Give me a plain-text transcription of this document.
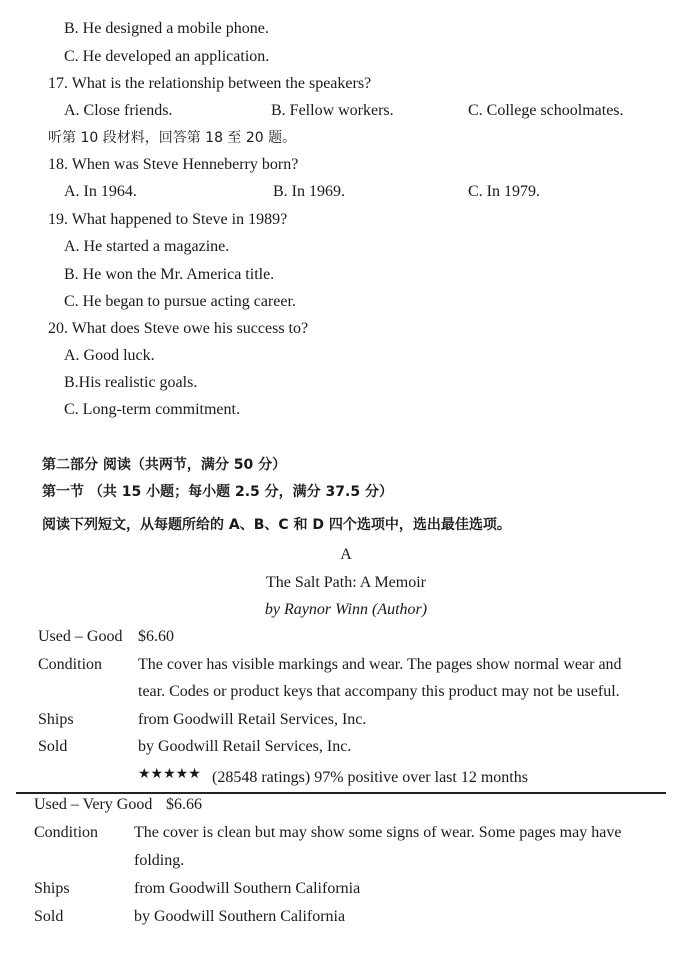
B. He designed a mobile phone.
C. He developed an application.
17. What is the relationship between the speakers?
A. Close friends.	B. Fellow workers.	C. College schoolmates.
听第 10 段材料，回答第 18 至 20 题。
18. When was Steve Henneberry born?
A. In 1964.	B. In 1969.	C. In 1979.
19. What happened to Steve in 1989?
A. He started a magazine.
B. He won the Mr. America title.
C. He began to pursue acting career.
20. What does Steve owe his success to?
A. Good luck.
B.His realistic goals.
C. Long-term commitment.
第二部分 阅读（共两节，满分 50 分）
第一节 （共 15 小题；每小题 2.5 分，满分 37.5 分）
阅读下列短文，从每题所给的 A、B、C 和 D 四个选项中，选出最佳选项。
A
The Salt Path: A Memoir
by Raynor Winn (Author)
Used – Good $6.60
Condition The cover has visible markings and wear. The pages show normal wear and
tear. Codes or product keys that accompany this product may not be useful.
Ships	from Goodwill Retail Services, Inc.
Sold	by Goodwill Retail Services, Inc.
★★★★★ (28548 ratings) 97% positive over last 12 months
Used – Very Good $6.66
Condition The cover is clean but may show some signs of wear. Some pages may have
folding.
Ships	from Goodwill Southern California
Sold	by Goodwill Southern California
